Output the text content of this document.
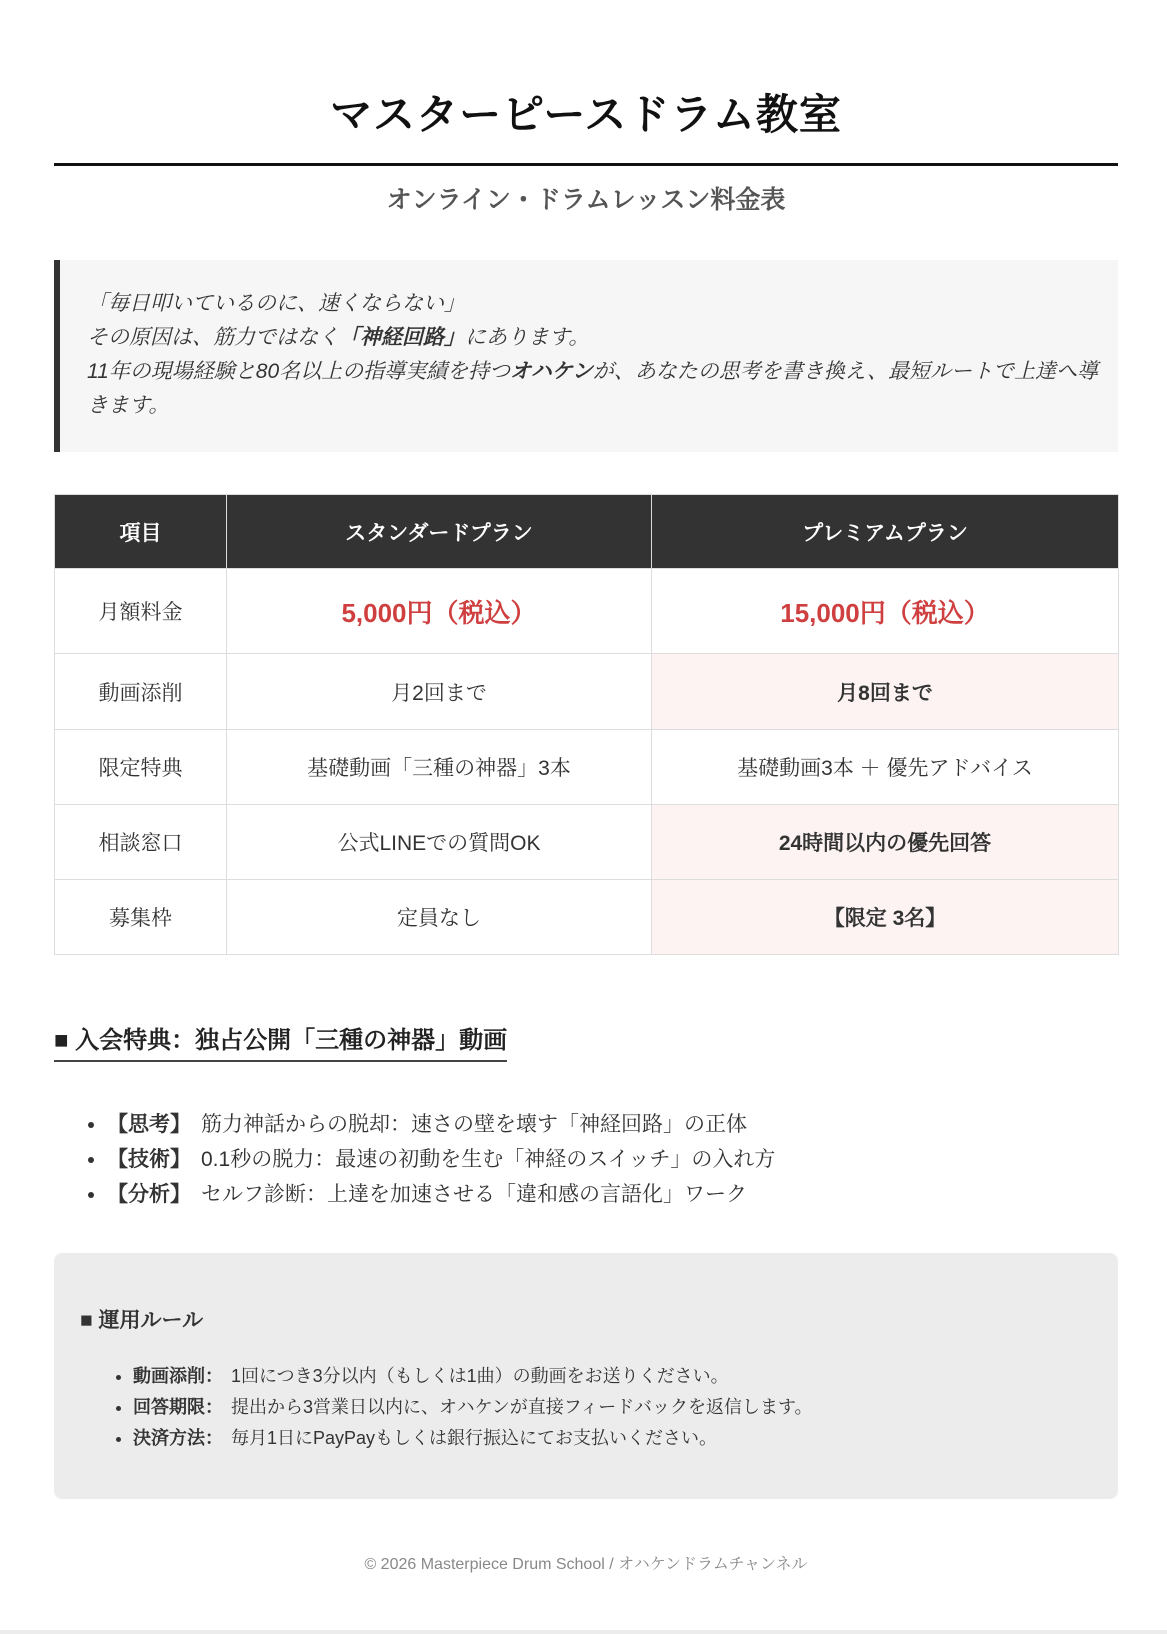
マスターピースドラム教室
オンライン・ドラムレッスン料金表
「毎日叩いているのに、速くならない」
その原因は、筋力ではなく「神経回路」にあります。
11年の現場経験と80名以上の指導実績を持つオハケンが、あなたの思考を書き換え、最短ルートで上達へ導きます。
項目	スタンダードプラン	プレミアムプラン
月額料金	5,000円（税込）	15,000円（税込）
動画添削	月2回まで	月8回まで
限定特典	基礎動画「三種の神器」3本	基礎動画3本 ＋ 優先アドバイス
相談窓口	公式LINEでの質問OK	24時間以内の優先回答
募集枠	定員なし	【限定 3名】
■ 入会特典：独占公開「三種の神器」動画
• 【思考】 筋力神話からの脱却：速さの壁を壊す「神経回路」の正体
• 【技術】 0.1秒の脱力：最速の初動を生む「神経のスイッチ」の入れ方
• 【分析】 セルフ診断：上達を加速させる「違和感の言語化」ワーク
■ 運用ルール
• 動画添削： 1回につき3分以内（もしくは1曲）の動画をお送りください。
• 回答期限： 提出から3営業日以内に、オハケンが直接フィードバックを返信します。
• 決済方法： 毎月1日にPayPayもしくは銀行振込にてお支払いください。
© 2026 Masterpiece Drum School / オハケンドラムチャンネル
